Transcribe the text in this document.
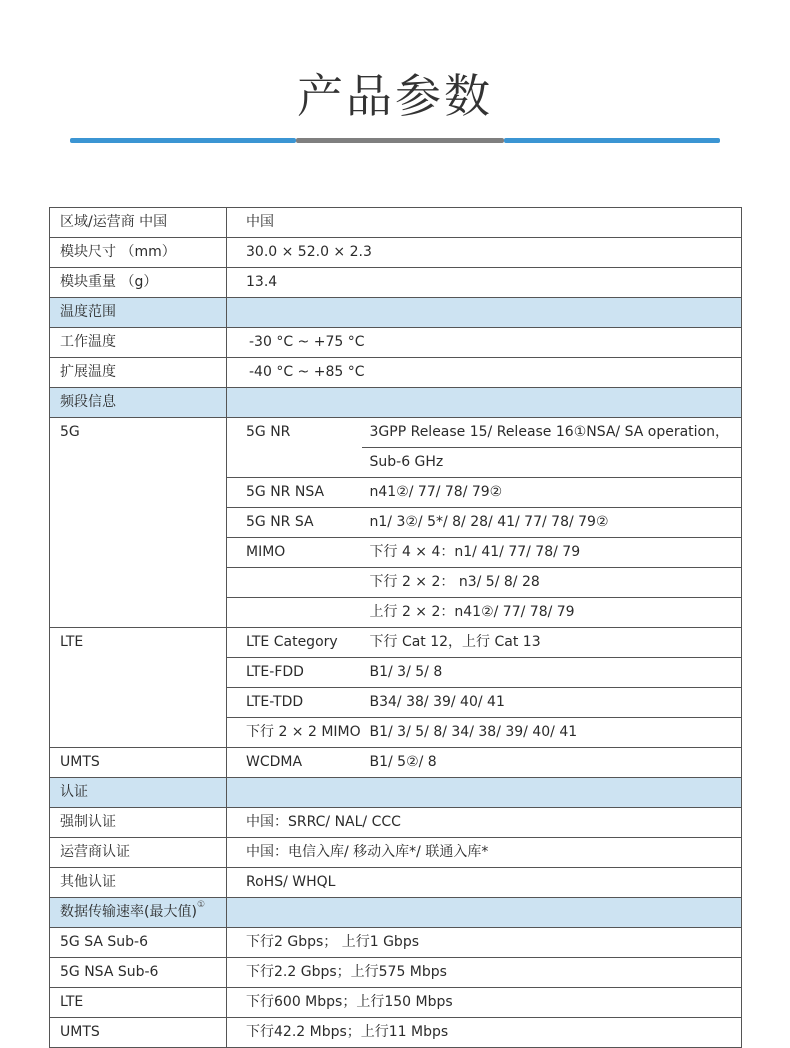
产品参数
区域/运营商 中国	中国	
模块尺寸 （mm）	30.0 × 52.0 × 2.3	
模块重量 （g）	13.4	
温度范围		
工作温度	-30 °C ~ +75 °C	
扩展温度	-40 °C ~ +85 °C	
频段信息		
5G	5G NR	3GPP Release 15/ Release 16①NSA/ SA operation，
		Sub-6 GHz
	5G NR NSA	n41②/ 77/ 78/ 79②
	5G NR SA	n1/ 3②/ 5*/ 8/ 28/ 41/ 77/ 78/ 79②
	MIMO	下行 4 × 4：n1/ 41/ 77/ 78/ 79
		下行 2 × 2： n3/ 5/ 8/ 28
		上行 2 × 2：n41②/ 77/ 78/ 79
LTE	LTE Category	下行 Cat 12，上行 Cat 13
	LTE-FDD	B1/ 3/ 5/ 8
	LTE-TDD	B34/ 38/ 39/ 40/ 41
	下行 2 × 2 MIMO	B1/ 3/ 5/ 8/ 34/ 38/ 39/ 40/ 41
UMTS	WCDMA	B1/ 5②/ 8
认证		
强制认证	中国：SRRC/ NAL/ CCC	
运营商认证	中国：电信入库/ 移动入库*/ 联通入库*	
其他认证	RoHS/ WHQL	
数据传输速率(最大值)①	
5G SA Sub-6	下行2 Gbps； 上行1 Gbps	
5G NSA Sub-6	下行2.2 Gbps；上行575 Mbps	
LTE	下行600 Mbps；上行150 Mbps	
UMTS	下行42.2 Mbps；上行11 Mbps	
